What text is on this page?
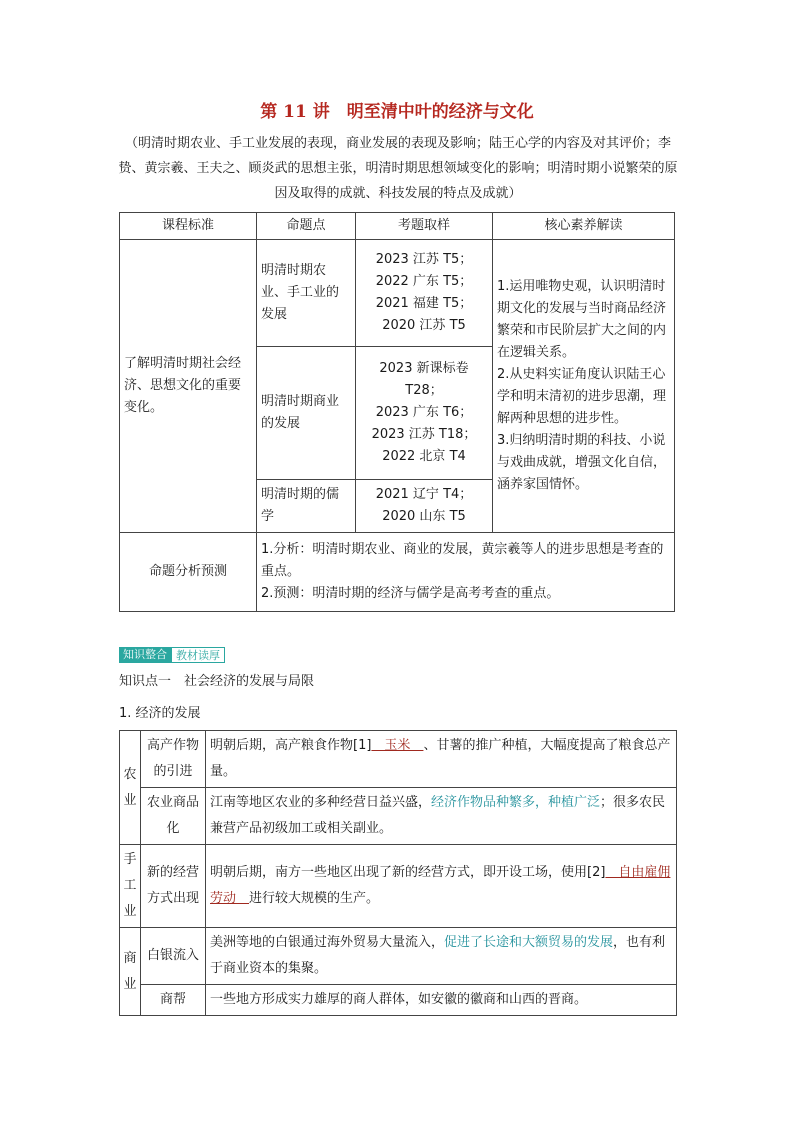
第 11 讲　明至清中叶的经济与文化
（明清时期农业、手工业发展的表现，商业发展的表现及影响；陆王心学的内容及对其评价；李贽、黄宗羲、王夫之、顾炎武的思想主张，明清时期思想领域变化的影响；明清时期小说繁荣的原因及取得的成就、科技发展的特点及成就）
课程标准	命题点	考题取样	核心素养解读
了解明清时期社会经济、思想文化的重要变化。	明清时期农业、手工业的发展	2023 江苏 T5；
2022 广东 T5；
2021 福建 T5；
2020 江苏 T5	1.运用唯物史观，认识明清时期文化的发展与当时商品经济繁荣和市民阶层扩大之间的内在逻辑关系。
2.从史料实证角度认识陆王心学和明末清初的进步思潮，理解两种思想的进步性。
3.归纳明清时期的科技、小说与戏曲成就，增强文化自信，涵养家国情怀。
	明清时期商业的发展	2023 新课标卷 T28；
2023 广东 T6；
2023 江苏 T18；
2022 北京 T4	
	明清时期的儒学	2021 辽宁 T4；
2020 山东 T5	
命题分析预测	1.分析：明清时期农业、商业的发展，黄宗羲等人的进步思想是考查的重点。
2.预测：明清时期的经济与儒学是高考考查的重点。		
知识整合 教材读厚
知识点一　社会经济的发展与局限
1. 经济的发展
农业	高产作物的引进	明朝后期，高产粮食作物[1]　玉米　、甘薯的推广种植，大幅度提高了粮食总产量。
	农业商品化	江南等地区农业的多种经营日益兴盛，经济作物品种繁多，种植广泛；很多农民兼营产品初级加工或相关副业。
手工业	新的经营方式出现	明朝后期，南方一些地区出现了新的经营方式，即开设工场，使用[2]　自由雇佣劳动　进行较大规模的生产。
商业	白银流入	美洲等地的白银通过海外贸易大量流入，促进了长途和大额贸易的发展，也有利于商业资本的集聚。
	商帮	一些地方形成实力雄厚的商人群体，如安徽的徽商和山西的晋商。
